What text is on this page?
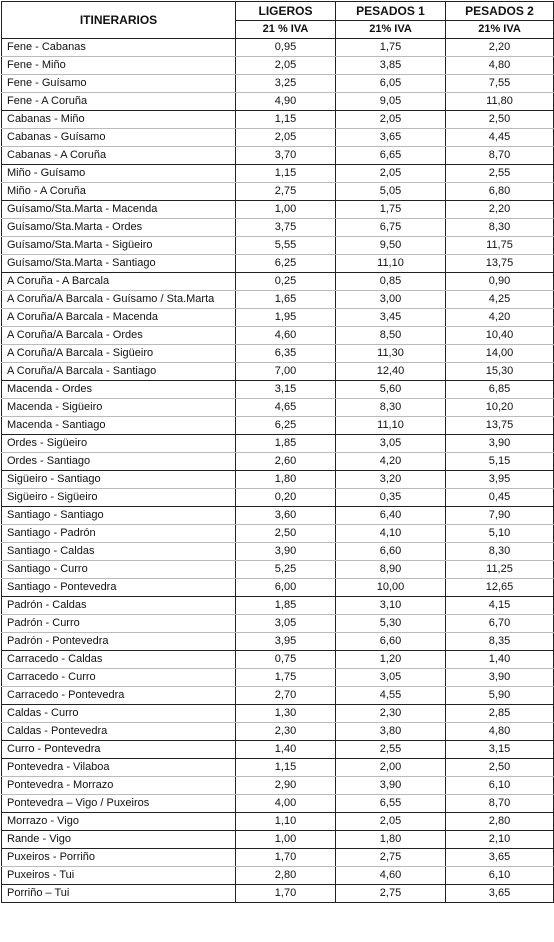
ITINERARIOS	LIGEROS	PESADOS 1	PESADOS 2
	21 % IVA	21% IVA	21% IVA
Fene - Cabanas	0,95	1,75	2,20
Fene - Miño	2,05	3,85	4,80
Fene - Guísamo	3,25	6,05	7,55
Fene - A Coruña	4,90	9,05	11,80
Cabanas - Miño	1,15	2,05	2,50
Cabanas - Guísamo	2,05	3,65	4,45
Cabanas - A Coruña	3,70	6,65	8,70
Miño - Guísamo	1,15	2,05	2,55
Miño - A Coruña	2,75	5,05	6,80
Guísamo/Sta.Marta - Macenda	1,00	1,75	2,20
Guísamo/Sta.Marta - Ordes	3,75	6,75	8,30
Guísamo/Sta.Marta - Sigüeiro	5,55	9,50	11,75
Guísamo/Sta.Marta - Santiago	6,25	11,10	13,75
A Coruña - A Barcala	0,25	0,85	0,90
A Coruña/A Barcala - Guísamo / Sta.Marta	1,65	3,00	4,25
A Coruña/A Barcala - Macenda	1,95	3,45	4,20
A Coruña/A Barcala - Ordes	4,60	8,50	10,40
A Coruña/A Barcala - Sigüeiro	6,35	11,30	14,00
A Coruña/A Barcala - Santiago	7,00	12,40	15,30
Macenda - Ordes	3,15	5,60	6,85
Macenda - Sigüeiro	4,65	8,30	10,20
Macenda - Santiago	6,25	11,10	13,75
Ordes - Sigüeiro	1,85	3,05	3,90
Ordes - Santiago	2,60	4,20	5,15
Sigüeiro - Santiago	1,80	3,20	3,95
Sigüeiro - Sigüeiro	0,20	0,35	0,45
Santiago - Santiago	3,60	6,40	7,90
Santiago - Padrón	2,50	4,10	5,10
Santiago - Caldas	3,90	6,60	8,30
Santiago - Curro	5,25	8,90	11,25
Santiago - Pontevedra	6,00	10,00	12,65
Padrón - Caldas	1,85	3,10	4,15
Padrón - Curro	3,05	5,30	6,70
Padrón - Pontevedra	3,95	6,60	8,35
Carracedo - Caldas	0,75	1,20	1,40
Carracedo - Curro	1,75	3,05	3,90
Carracedo - Pontevedra	2,70	4,55	5,90
Caldas - Curro	1,30	2,30	2,85
Caldas - Pontevedra	2,30	3,80	4,80
Curro - Pontevedra	1,40	2,55	3,15
Pontevedra - Vilaboa	1,15	2,00	2,50
Pontevedra - Morrazo	2,90	3,90	6,10
Pontevedra – Vigo / Puxeiros	4,00	6,55	8,70
Morrazo - Vigo	1,10	2,05	2,80
Rande - Vigo	1,00	1,80	2,10
Puxeiros - Porriño	1,70	2,75	3,65
Puxeiros - Tui	2,80	4,60	6,10
Porriño – Tui	1,70	2,75	3,65
